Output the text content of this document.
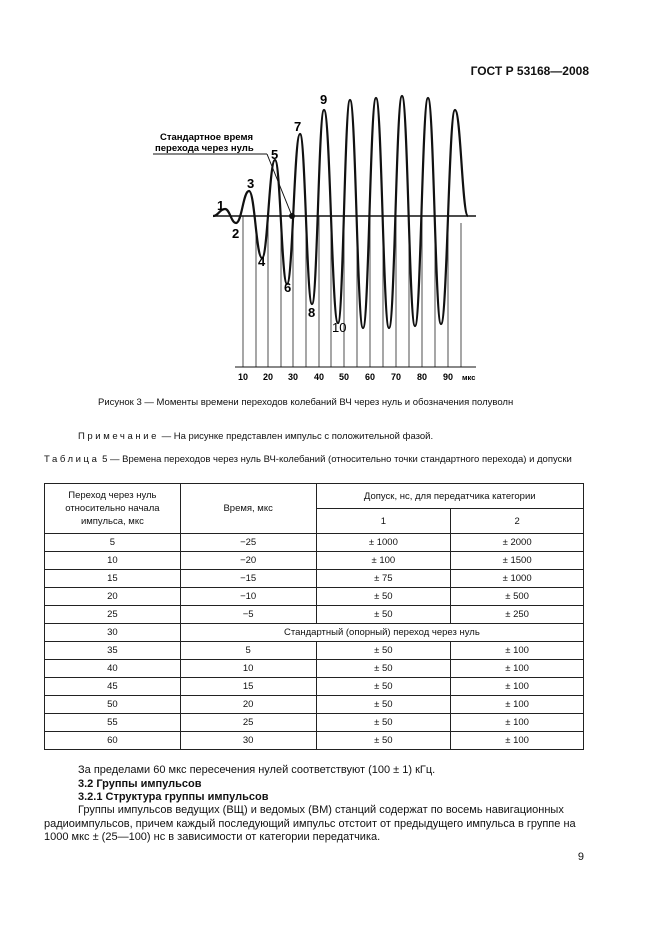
ГОСТ Р 53168—2008
Стандартное время
перехода через нуль
1
2
3
4
5
6
7
8
9
10
10 20 30 40 50 60 70 80 90 мкс
Рисунок 3 — Моменты времени переходов колебаний ВЧ через нуль и обозначения полуволн
Примечание — На рисунке представлен импульс с положительной фазой.
Таблица 5 — Времена переходов через нуль ВЧ-колебаний (относительно точки стандартного перехода) и допуски
Переход через нуль относительно начала импульса, мкс	Время, мкс	Допуск, нс, для передатчика категории	
		1	2
5	−25	± 1000	± 2000
10	−20	± 100	± 1500
15	−15	± 75	± 1000
20	−10	± 50	± 500
25	−5	± 50	± 250
30	Стандартный (опорный) переход через нуль		
35	5	± 50	± 100
40	10	± 50	± 100
45	15	± 50	± 100
50	20	± 50	± 100
55	25	± 50	± 100
60	30	± 50	± 100
За пределами 60 мкс пересечения нулей соответствуют (100 ± 1) кГц.
3.2 Группы импульсов
3.2.1 Структура группы импульсов
Группы импульсов ведущих (ВЩ) и ведомых (ВМ) станций содержат по восемь навигационных радиоимпульсов, причем каждый последующий импульс отстоит от предыдущего импульса в группе на 1000 мкс ± (25—100) нс в зависимости от категории передатчика.
9
